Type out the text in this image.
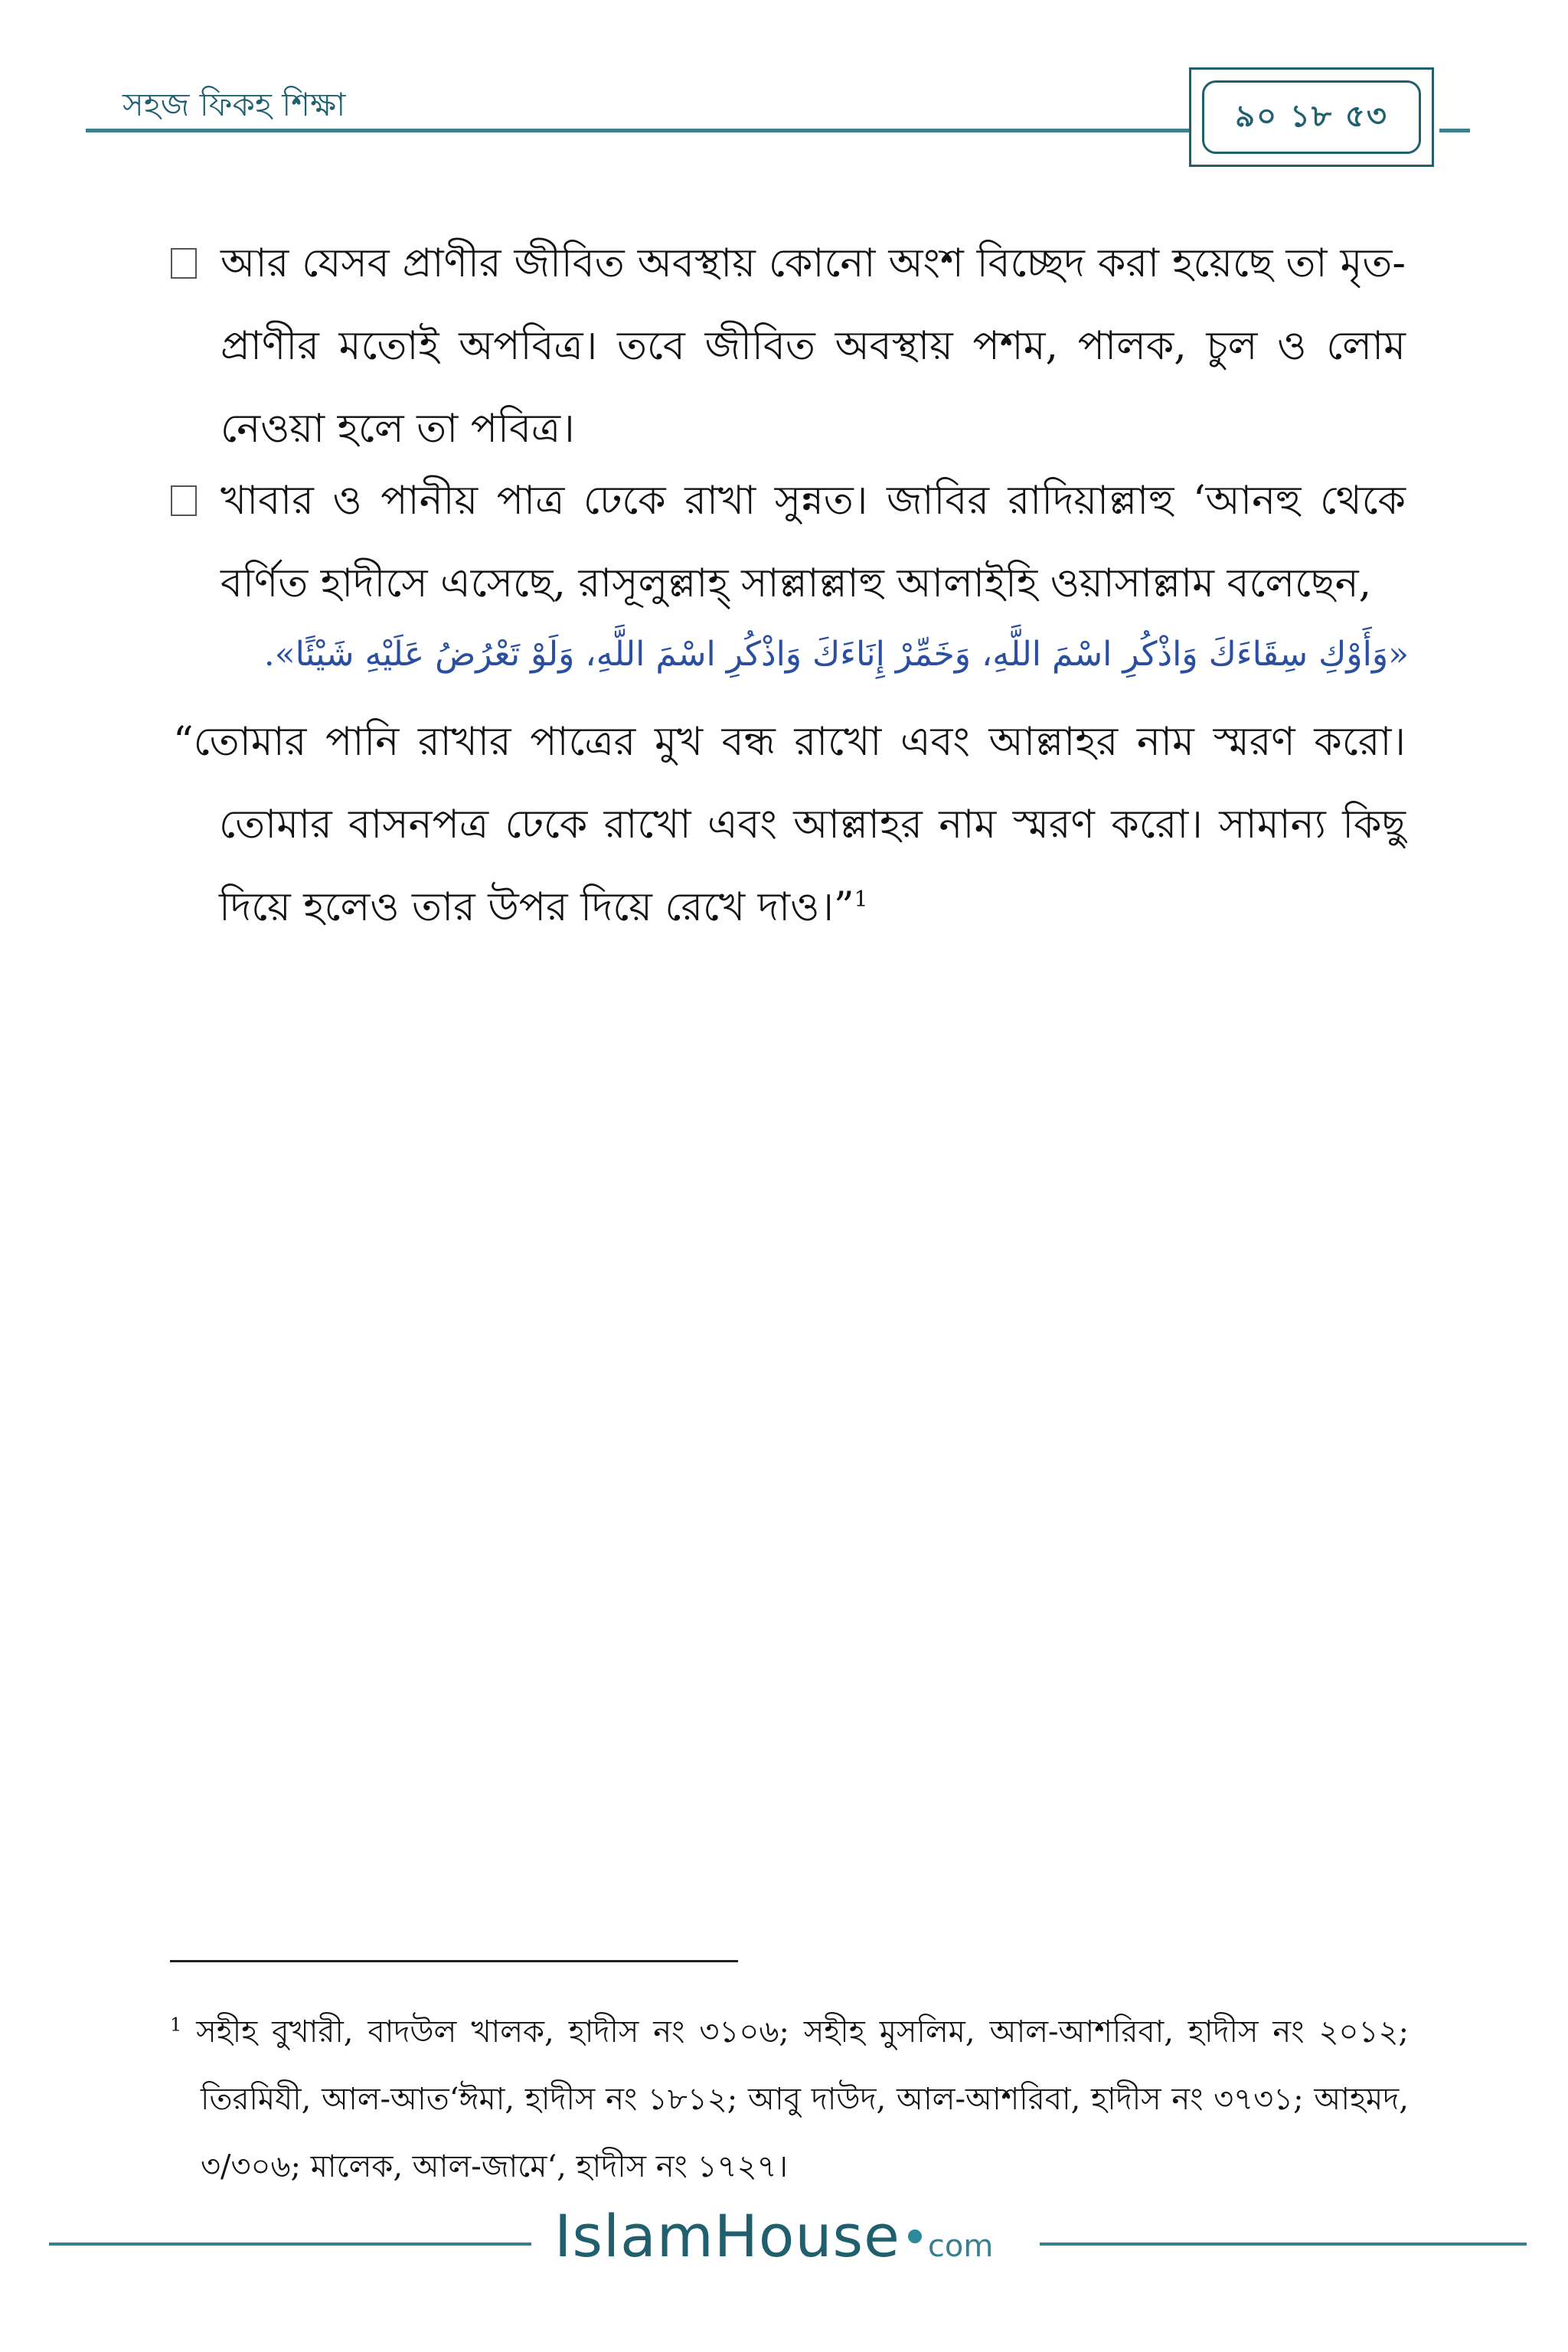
সহজ ফিকহ শিক্ষা	৯০ ১৮ ৫৩
আর যেসব প্রাণীর জীবিত অবস্থায় কোনো অংশ বিচ্ছেদ করা হয়েছে তা মৃত-প্রাণীর মতোই অপবিত্র। তবে জীবিত অবস্থায় পশম, পালক, চুল ও লোম নেওয়া হলে তা পবিত্র।
খাবার ও পানীয় পাত্র ঢেকে রাখা সুন্নত। জাবির রাদিয়াল্লাহু ‘আনহু থেকে বর্ণিত হাদীসে এসেছে, রাসূলুল্লাহ্ সাল্লাল্লাহু আলাইহি ওয়াসাল্লাম বলেছেন,
«وَأَوْكِ سِقَاءَكَ وَاذْكُرِ اسْمَ اللَّهِ، وَخَمِّرْ إِنَاءَكَ وَاذْكُرِ اسْمَ اللَّهِ، وَلَوْ تَعْرُضُ عَلَيْهِ شَيْئًا».
“তোমার পানি রাখার পাত্রের মুখ বন্ধ রাখো এবং আল্লাহর নাম স্মরণ করো। তোমার বাসনপত্র ঢেকে রাখো এবং আল্লাহর নাম স্মরণ করো। সামান্য কিছু দিয়ে হলেও তার উপর দিয়ে রেখে দাও।”$^1$
$^1$ সহীহ বুখারী, বাদউল খালক, হাদীস নং ৩১০৬; সহীহ মুসলিম, আল-আশরিবা, হাদীস নং ২০১২; তিরমিযী, আল-আত‘ঈমা, হাদীস নং ১৮১২; আবু দাউদ, আল-আশরিবা, হাদীস নং ৩৭৩১; আহমদ, ৩/৩০৬; মালেক, আল-জামে‘, হাদীস নং ১৭২৭।
IslamHouse com
